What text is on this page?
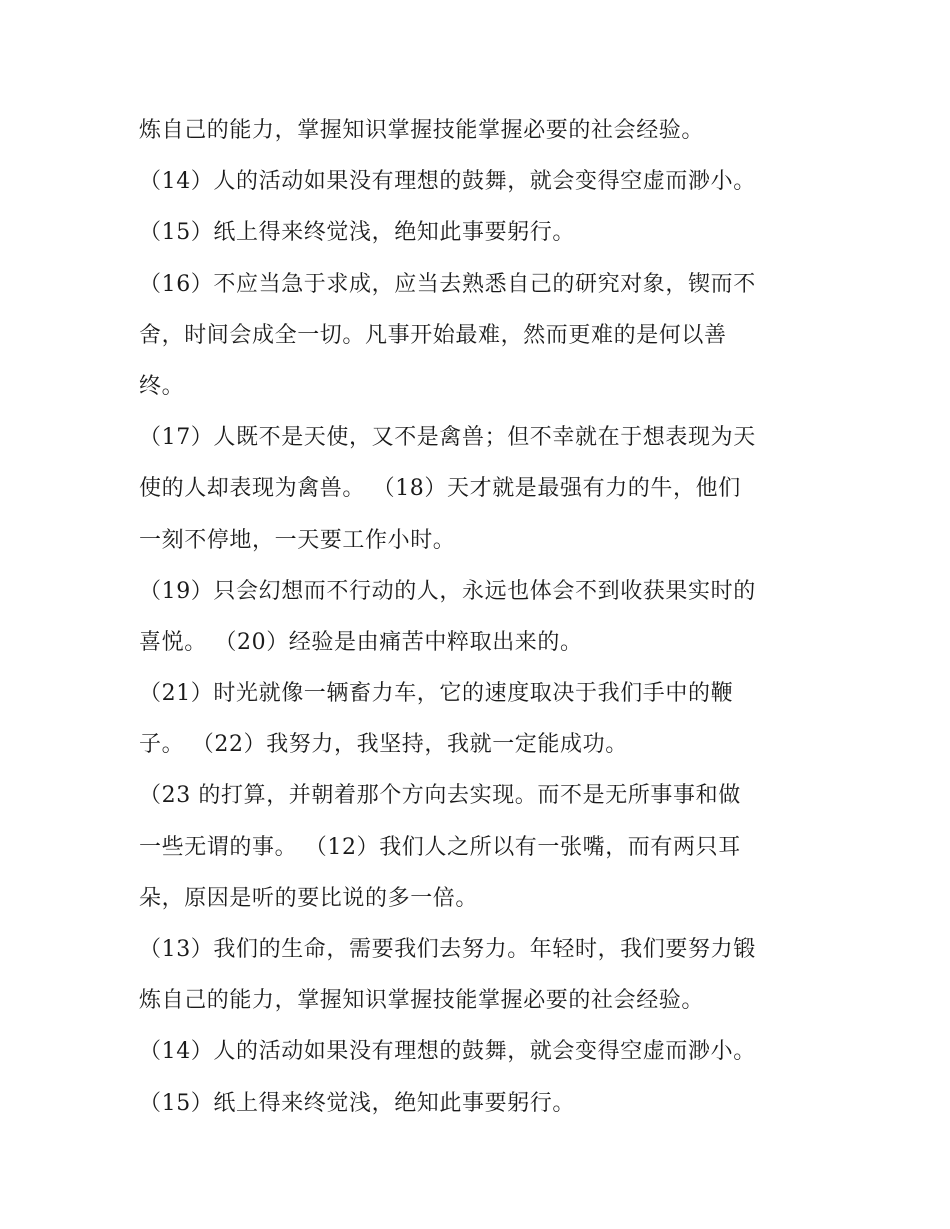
炼自己的能力，掌握知识掌握技能掌握必要的社会经验。
（14）人的活动如果没有理想的鼓舞，就会变得空虚而渺小。
（15）纸上得来终觉浅，绝知此事要躬行。
（16）不应当急于求成，应当去熟悉自己的研究对象，锲而不
舍，时间会成全一切。凡事开始最难，然而更难的是何以善
终。
（17）人既不是天使，又不是禽兽；但不幸就在于想表现为天
使的人却表现为禽兽。 （18）天才就是最强有力的牛，他们
一刻不停地，一天要工作小时。
（19）只会幻想而不行动的人，永远也体会不到收获果实时的
喜悦。 （20）经验是由痛苦中粹取出来的。
（21）时光就像一辆畜力车，它的速度取决于我们手中的鞭
子。 （22）我努力，我坚持，我就一定能成功。
（23 的打算，并朝着那个方向去实现。而不是无所事事和做
一些无谓的事。 （12）我们人之所以有一张嘴，而有两只耳
朵，原因是听的要比说的多一倍。
（13）我们的生命，需要我们去努力。年轻时，我们要努力锻
炼自己的能力，掌握知识掌握技能掌握必要的社会经验。
（14）人的活动如果没有理想的鼓舞，就会变得空虚而渺小。
（15）纸上得来终觉浅，绝知此事要躬行。
